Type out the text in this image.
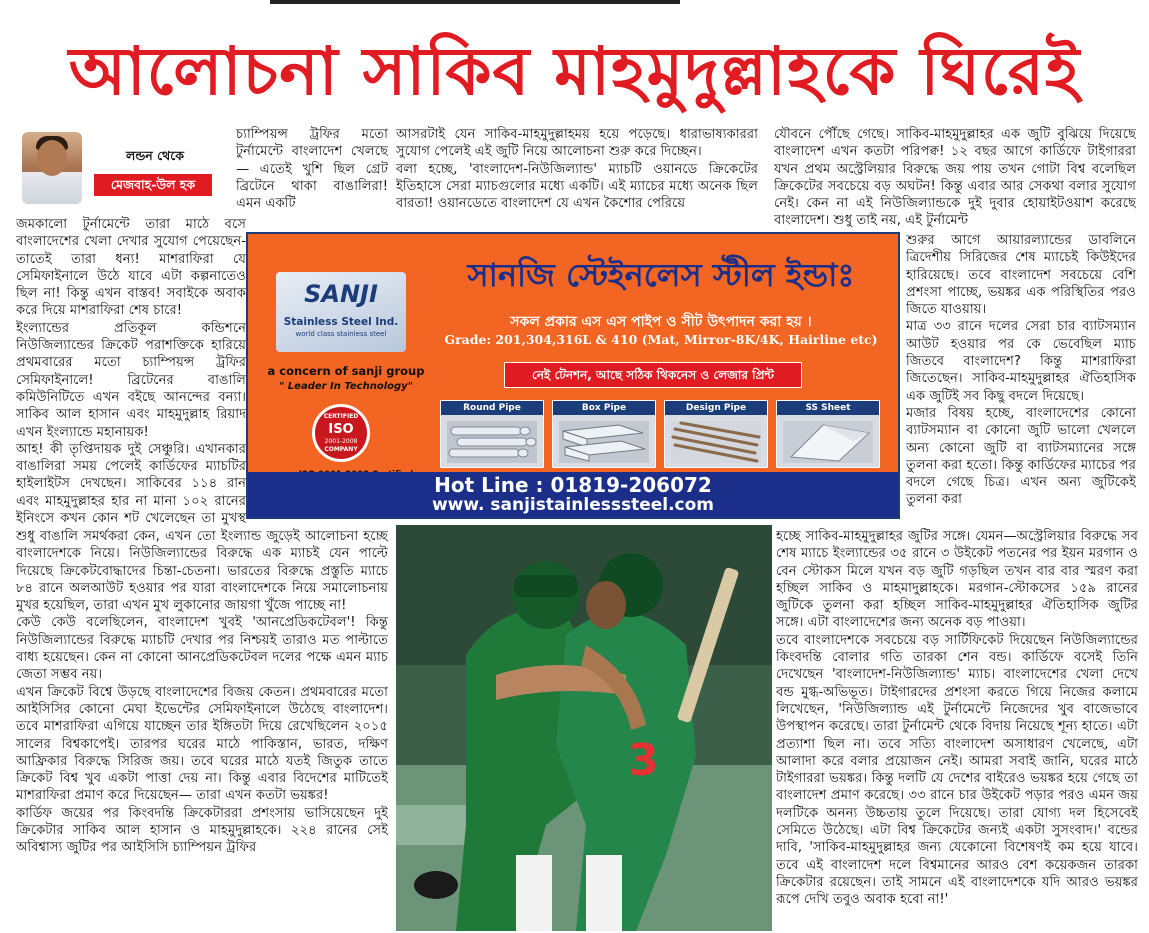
আলোচনা সাকিব মাহমুদুল্লাহকে ঘিরেই
লন্ডন থেকে
মেজবাহ-উল হক

চ্যাম্পিয়ন্স ট্রফির মতো টুর্নামেন্টে বাংলাদেশ খেলছে— এতেই খুশি ছিল গ্রেট ব্রিটেনে থাকা বাঙালিরা! এমন একটি

জমকালো টুর্নামেন্টে তারা মাঠে বসে বাংলাদেশের খেলা দেখার সুযোগ পেয়েছেন- তাতেই তারা ধন্য! মাশরাফিরা যে সেমিফাইনালে উঠে যাবে এটা কল্পনাতেও ছিল না! কিন্তু এখন বাস্তব! সবাইকে অবাক করে দিয়ে মাশরাফিরা শেষ চারে!

ইংল্যান্ডের প্রতিকূল কন্ডিশনে নিউজিল্যান্ডের ক্রিকেট পরাশক্তিকে হারিয়ে প্রথমবারের মতো চ্যাম্পিয়ন্স ট্রফির সেমিফাইনালে! ব্রিটেনের বাঙালি কমিউনিটিতে এখন বইছে আনন্দের বন্যা। সাকিব আল হাসান এবং মাহমুদুল্লাহ রিয়াদ এখন ইংল্যান্ডে মহানায়ক!

আহ! কী তৃপ্তিদায়ক দুই সেঞ্চুরি। এখানকার বাঙালিরা সময় পেলেই কার্ডিফের ম্যাচটির হাইলাইটস দেখছেন। সাকিবের ১১৪ রান এবং মাহমুদুল্লাহর হার না মানা ১০২ রানের ইনিংসে কখন কোন শট খেলেছেন তা মুখস্থ

শুধু বাঙালি সমর্থকরা কেন, এখন তো ইংল্যান্ড জুড়েই আলোচনা হচ্ছে বাংলাদেশকে নিয়ে। নিউজিল্যান্ডের বিরুদ্ধে এক ম্যাচই যেন পাল্টে দিয়েছে ক্রিকেটবোদ্ধাদের চিন্তা-চেতনা। ভারতের বিরুদ্ধে প্রস্তুতি ম্যাচে ৮৪ রানে অলআউট হওয়ার পর যারা বাংলাদেশকে নিয়ে সমালোচনায় মুখর হয়েছিল, তারা এখন মুখ লুকানোর জায়গা খুঁজে পাচ্ছে না!

কেউ কেউ বলেছিলেন, বাংলাদেশ খুবই 'আনপ্রেডিকটেবল'! কিন্তু নিউজিল্যান্ডের বিরুদ্ধে ম্যাচটি দেখার পর নিশ্চয়ই তারাও মত পাল্টাতে বাধ্য হয়েছেন। কেন না কোনো আনপ্রেডিকটেবল দলের পক্ষে এমন ম্যাচ জেতা সম্ভব নয়।

এখন ক্রিকেট বিশ্বে উড়ছে বাংলাদেশের বিজয় কেতন। প্রথমবারের মতো আইসিসির কোনো মেঘা ইভেন্টের সেমিফাইনালে উঠেছে বাংলাদেশ। তবে মাশরাফিরা এগিয়ে যাচ্ছেন তার ইঙ্গিতটা দিয়ে রেখেছিলেন ২০১৫ সালের বিশ্বকাপেই। তারপর ঘরের মাঠে পাকিস্তান, ভারত, দক্ষিণ আফ্রিকার বিরুদ্ধে সিরিজ জয়। তবে ঘরের মাঠে যতই জিতুক তাতে ক্রিকেট বিশ্ব খুব একটা পাত্তা দেয় না। কিন্তু এবার বিদেশের মাটিতেই মাশরাফিরা প্রমাণ করে দিয়েছেন— তারা এখন কতটা ভয়ঙ্কর!

কার্ডিফ জয়ের পর কিংবদন্তি ক্রিকেটাররা প্রশংসায় ভাসিয়েছেন দুই ক্রিকেটার সাকিব আল হাসান ও মাহমুদুল্লাহকে। ২২৪ রানের সেই অবিশ্বাস্য জুটির পর আইসিসি চ্যাম্পিয়ন ট্রফির

আসরটাই যেন সাকিব-মাহমুদুল্লাহময় হয়ে পড়েছে। ধারাভাষ্যকাররা সুযোগ পেলেই এই জুটি নিয়ে আলোচনা শুরু করে দিচ্ছেন।

বলা হচ্ছে, 'বাংলাদেশ-নিউজিল্যান্ড' ম্যাচটি ওয়ানডে ক্রিকেটের ইতিহাসে সেরা ম্যাচগুলোর মধ্যে একটি। এই ম্যাচের মধ্যে অনেক ছিল বারতা! ওয়ানডেতে বাংলাদেশ যে এখন কৈশোর পেরিয়ে

যৌবনে পৌঁছে গেছে। সাকিব-মাহমুদুল্লাহর এক জুটি বুঝিয়ে দিয়েছে বাংলাদেশ এখন কতটা পরিপক্ব! ১২ বছর আগে কার্ডিফে টাইগাররা যখন প্রথম অস্ট্রেলিয়ার বিরুদ্ধে জয় পায় তখন গোটা বিশ্ব বলেছিল ক্রিকেটের সবচেয়ে বড় অঘটন! কিন্তু এবার আর সেকথা বলার সুযোগ নেই। কেন না এই নিউজিল্যান্ডকে দুই দুবার হোয়াইটওয়াশ করেছে বাংলাদেশ। শুধু তাই নয়, এই টুর্নামেন্ট

শুরুর আগে আয়ারল্যান্ডের ডাবলিনে ত্রিদেশীয় সিরিজের শেষ ম্যাচেই কিউইদের হারিয়েছে। তবে বাংলাদেশ সবচেয়ে বেশি প্রশংসা পাচ্ছে, ভয়ঙ্কর এক পরিস্থিতির পরও জিতে যাওয়ায়।

মাত্র ৩৩ রানে দলের সেরা চার ব্যাটসম্যান আউট হওয়ার পর কে ভেবেছিল ম্যাচ জিতবে বাংলাদেশ? কিন্তু মাশরাফিরা জিতেছেন। সাকিব-মাহমুদুল্লাহর ঐতিহাসিক এক জুটিই সব কিছু বদলে দিয়েছে।

মজার বিষয় হচ্ছে, বাংলাদেশের কোনো ব্যাটসম্যান বা কোনো জুটি ভালো খেললে অন্য কোনো জুটি বা ব্যাটসম্যানের সঙ্গে তুলনা করা হতো। কিন্তু কার্ডিফের ম্যাচের পর বদলে গেছে চিত্র। এখন অন্য জুটিকেই তুলনা করা

হচ্ছে সাকিব-মাহমুদুল্লাহর জুটির সঙ্গে। যেমন—অস্ট্রেলিয়ার বিরুদ্ধে সব শেষ ম্যাচে ইংল্যান্ডের ৩৫ রানে ৩ উইকেট পতনের পর ইয়ন মরগান ও বেন স্টোকস মিলে যখন বড় জুটি গড়ছিল তখন বার বার স্মরণ করা হচ্ছিল সাকিব ও মাহমাদুল্লাহকে। মরগান-স্টোকসের ১৫৯ রানের জুটিকে তুলনা করা হচ্ছিল সাকিব-মাহমুদুল্লাহর ঐতিহাসিক জুটির সঙ্গে। এটা বাংলাদেশের জন্য অনেক বড় পাওয়া।

তবে বাংলাদেশকে সবচেয়ে বড় সার্টিফিকেট দিয়েছেন নিউজিল্যান্ডের কিংবদন্তি বোলার গতি তারকা শেন বন্ড। কার্ডিফে বসেই তিনি দেখেছেন 'বাংলাদেশ-নিউজিল্যান্ড' ম্যাচ। বাংলাদেশের খেলা দেখে বন্ড মুগ্ধ-অভিভূত। টাইগারদের প্রশংসা করতে গিয়ে নিজের কলামে লিখেছেন, 'নিউজিল্যান্ড এই টুর্নামেন্টে নিজেদের খুব বাজেভাবে উপস্থাপন করেছে। তারা টুর্নামেন্ট থেকে বিদায় নিয়েছে শূন্য হাতে। এটা প্রত্যাশা ছিল না। তবে সত্যি বাংলাদেশ অসাধারণ খেলেছে, এটা আলাদা করে বলার প্রয়োজন নেই। আমরা সবাই জানি, ঘরের মাঠে টাইগাররা ভয়ঙ্কর। কিন্তু দলটি যে দেশের বাইরেও ভয়ঙ্কর হয়ে গেছে তা বাংলাদেশ প্রমাণ করেছে। ৩৩ রানে চার উইকেট পড়ার পরও এমন জয় দলটিকে অনন্য উচ্চতায় তুলে দিয়েছে। তারা যোগ্য দল হিসেবেই সেমিতে উঠেছে। এটা বিশ্ব ক্রিকেটের জন্যই একটা সুসংবাদ।' বন্ডের দাবি, 'সাকিব-মাহমুদুল্লাহর জন্য যেকোনো বিশেষণই কম হয়ে যাবে। তবে এই বাংলাদেশ দলে বিশ্বমানের আরও বেশ কয়েকজন তারকা ক্রিকেটার রয়েছেন। তাই সামনে এই বাংলাদেশকে যদি আরও ভয়ঙ্কর রূপে দেখি তবুও অবাক হবো না!'

SANJI
Stainless Steel Ind.
world class stainless steel
a concern of sanji group
" Leader In Technology"
CERTIFIED
ISO
2001-2008
COMPANY
সানজি স্টেইনলেস স্টীল ইন্ডাঃ
সকল প্রকার এস এস পাইপ ও সীট উৎপাদন করা হয় ।
Grade: 201,304,316L & 410 (Mat, Mirror-8K/4K, Hairline etc)
নেই টেনশন, আছে সঠিক থিকনেস ও লেজার প্রিন্ট
Round Pipe	Box Pipe	Design Pipe	SS Sheet
Hot Line : 01819-206072
www. sanjistainlesssteel.com
3
